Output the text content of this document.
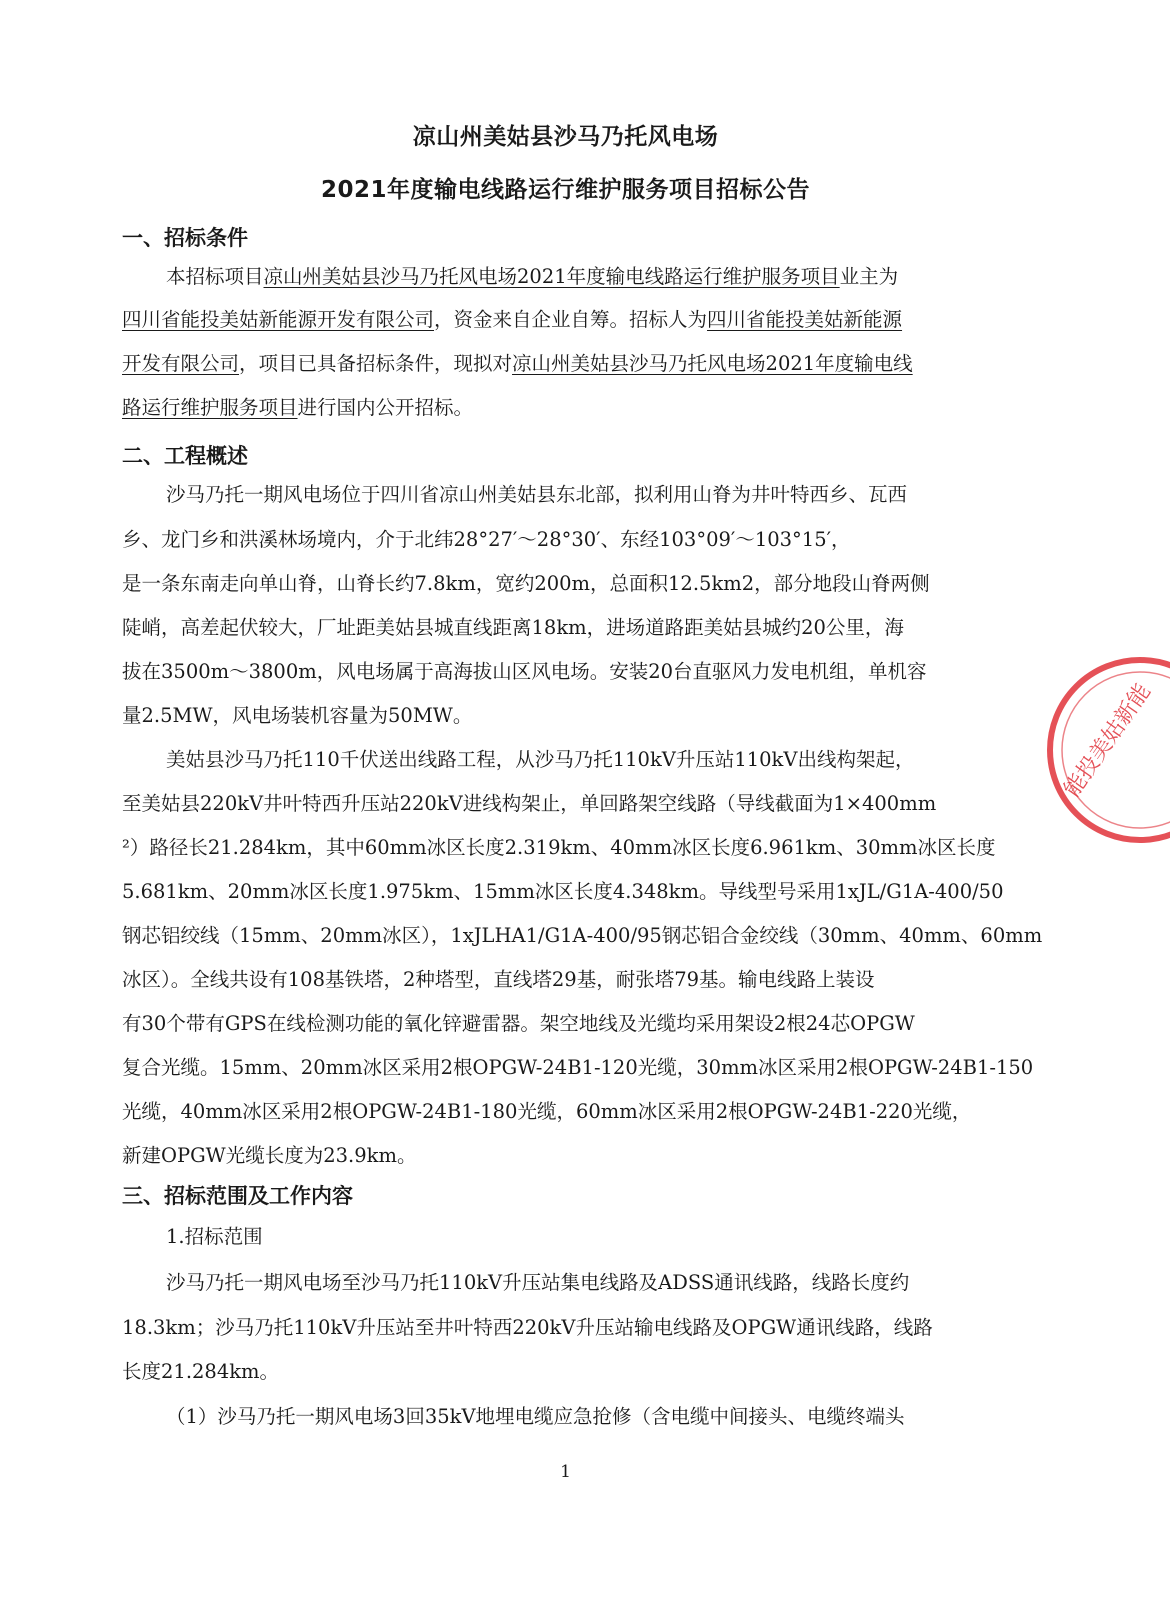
凉山州美姑县沙马乃托风电场
2021年度输电线路运行维护服务项目招标公告
一、招标条件
本招标项目凉山州美姑县沙马乃托风电场2021年度输电线路运行维护服务项目业主为
四川省能投美姑新能源开发有限公司，资金来自企业自筹。招标人为四川省能投美姑新能源
开发有限公司，项目已具备招标条件，现拟对凉山州美姑县沙马乃托风电场2021年度输电线
路运行维护服务项目进行国内公开招标。
二、工程概述
沙马乃托一期风电场位于四川省凉山州美姑县东北部，拟利用山脊为井叶特西乡、瓦西
乡、龙门乡和洪溪林场境内，介于北纬28°27′～28°30′、东经103°09′～103°15′，
是一条东南走向单山脊，山脊长约7.8km，宽约200m，总面积12.5km2，部分地段山脊两侧
陡峭，高差起伏较大，厂址距美姑县城直线距离18km，进场道路距美姑县城约20公里，海
拔在3500m～3800m，风电场属于高海拔山区风电场。安装20台直驱风力发电机组，单机容
量2.5MW，风电场装机容量为50MW。
美姑县沙马乃托110千伏送出线路工程，从沙马乃托110kV升压站110kV出线构架起，
至美姑县220kV井叶特西升压站220kV进线构架止，单回路架空线路（导线截面为1×400mm
²）路径长21.284km，其中60mm冰区长度2.319km、40mm冰区长度6.961km、30mm冰区长度
5.681km、20mm冰区长度1.975km、15mm冰区长度4.348km。导线型号采用1xJL/G1A-400/50
钢芯铝绞线（15mm、20mm冰区），1xJLHA1/G1A-400/95钢芯铝合金绞线（30mm、40mm、60mm
冰区）。全线共设有108基铁塔，2种塔型，直线塔29基，耐张塔79基。输电线路上装设
有30个带有GPS在线检测功能的氧化锌避雷器。架空地线及光缆均采用架设2根24芯OPGW
复合光缆。15mm、20mm冰区采用2根OPGW-24B1-120光缆，30mm冰区采用2根OPGW-24B1-150
光缆，40mm冰区采用2根OPGW-24B1-180光缆，60mm冰区采用2根OPGW-24B1-220光缆，
新建OPGW光缆长度为23.9km。
三、招标范围及工作内容
1.招标范围
沙马乃托一期风电场至沙马乃托110kV升压站集电线路及ADSS通讯线路，线路长度约
18.3km；沙马乃托110kV升压站至井叶特西220kV升压站输电线路及OPGW通讯线路，线路
长度21.284km。
（1）沙马乃托一期风电场3回35kV地埋电缆应急抢修（含电缆中间接头、电缆终端头
1
能投美姑新能
